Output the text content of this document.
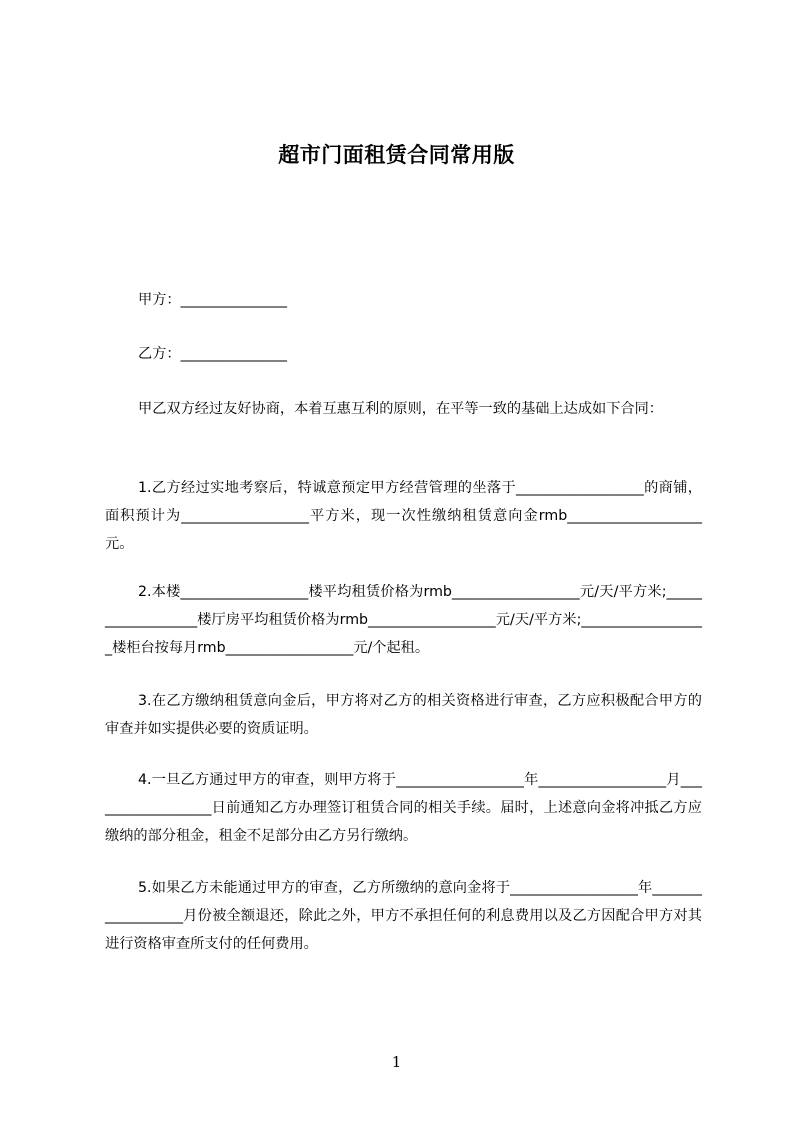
超市门面租赁合同常用版

甲方：_______________

乙方：_______________

甲乙双方经过友好协商，本着互惠互利的原则，在平等一致的基础上达成如下合同：

1.乙方经过实地考察后，特诚意预定甲方经营管理的坐落于__________________的商铺，面积预计为__________________平方米，现一次性缴纳租赁意向金rmb___________________元。

2.本楼__________________楼平均租赁价格为rmb__________________元/天/平方米;__________________楼厅房平均租赁价格为rmb__________________元/天/平方米;__________________楼柜台按每月rmb__________________元/个起租。

3.在乙方缴纳租赁意向金后，甲方将对乙方的相关资格进行审查，乙方应积极配合甲方的审查并如实提供必要的资质证明。

4.一旦乙方通过甲方的审查，则甲方将于__________________年__________________月__________________日前通知乙方办理签订租赁合同的相关手续。届时，上述意向金将冲抵乙方应缴纳的部分租金，租金不足部分由乙方另行缴纳。

5.如果乙方未能通过甲方的审查，乙方所缴纳的意向金将于__________________年__________________月份被全额退还，除此之外，甲方不承担任何的利息费用以及乙方因配合甲方对其进行资格审查所支付的任何费用。

1
